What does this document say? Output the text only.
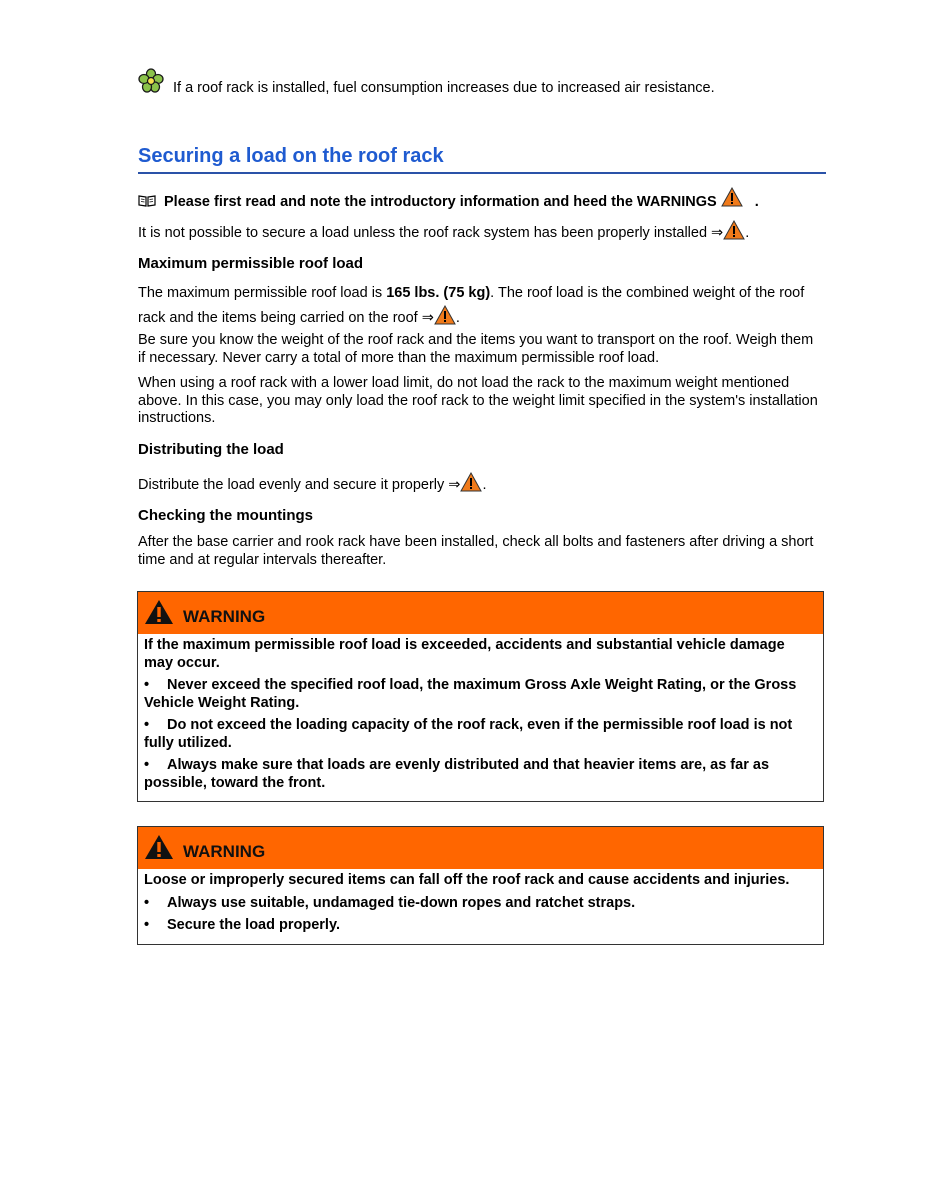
If a roof rack is installed, fuel consumption increases due to increased air resistance.
Securing a load on the roof rack
Please first read and note the introductory information and heed the WARNINGS	.
It is not possible to secure a load unless the roof rack system has been properly installed ⇒ .
Maximum permissible roof load
The maximum permissible roof load is 165 lbs. (75 kg). The roof load is the combined weight of the roof rack and the items being carried on the roof ⇒ .
Be sure you know the weight of the roof rack and the items you want to transport on the roof. Weigh them if necessary. Never carry a total of more than the maximum permissible roof load.
When using a roof rack with a lower load limit, do not load the rack to the maximum weight mentioned above. In this case, you may only load the roof rack to the weight limit specified in the system's installation instructions.
Distributing the load
Distribute the load evenly and secure it properly ⇒ .
Checking the mountings
After the base carrier and rook rack have been installed, check all bolts and fasteners after driving a short time and at regular intervals thereafter.
WARNING

If the maximum permissible roof load is exceeded, accidents and substantial vehicle damage may occur.

• Never exceed the specified roof load, the maximum Gross Axle Weight Rating, or the Gross Vehicle Weight Rating.
• Do not exceed the loading capacity of the roof rack, even if the permissible roof load is not fully utilized.
• Always make sure that loads are evenly distributed and that heavier items are, as far as possible, toward the front.
WARNING

Loose or improperly secured items can fall off the roof rack and cause accidents and injuries.

• Always use suitable, undamaged tie-down ropes and ratchet straps.
• Secure the load properly.
